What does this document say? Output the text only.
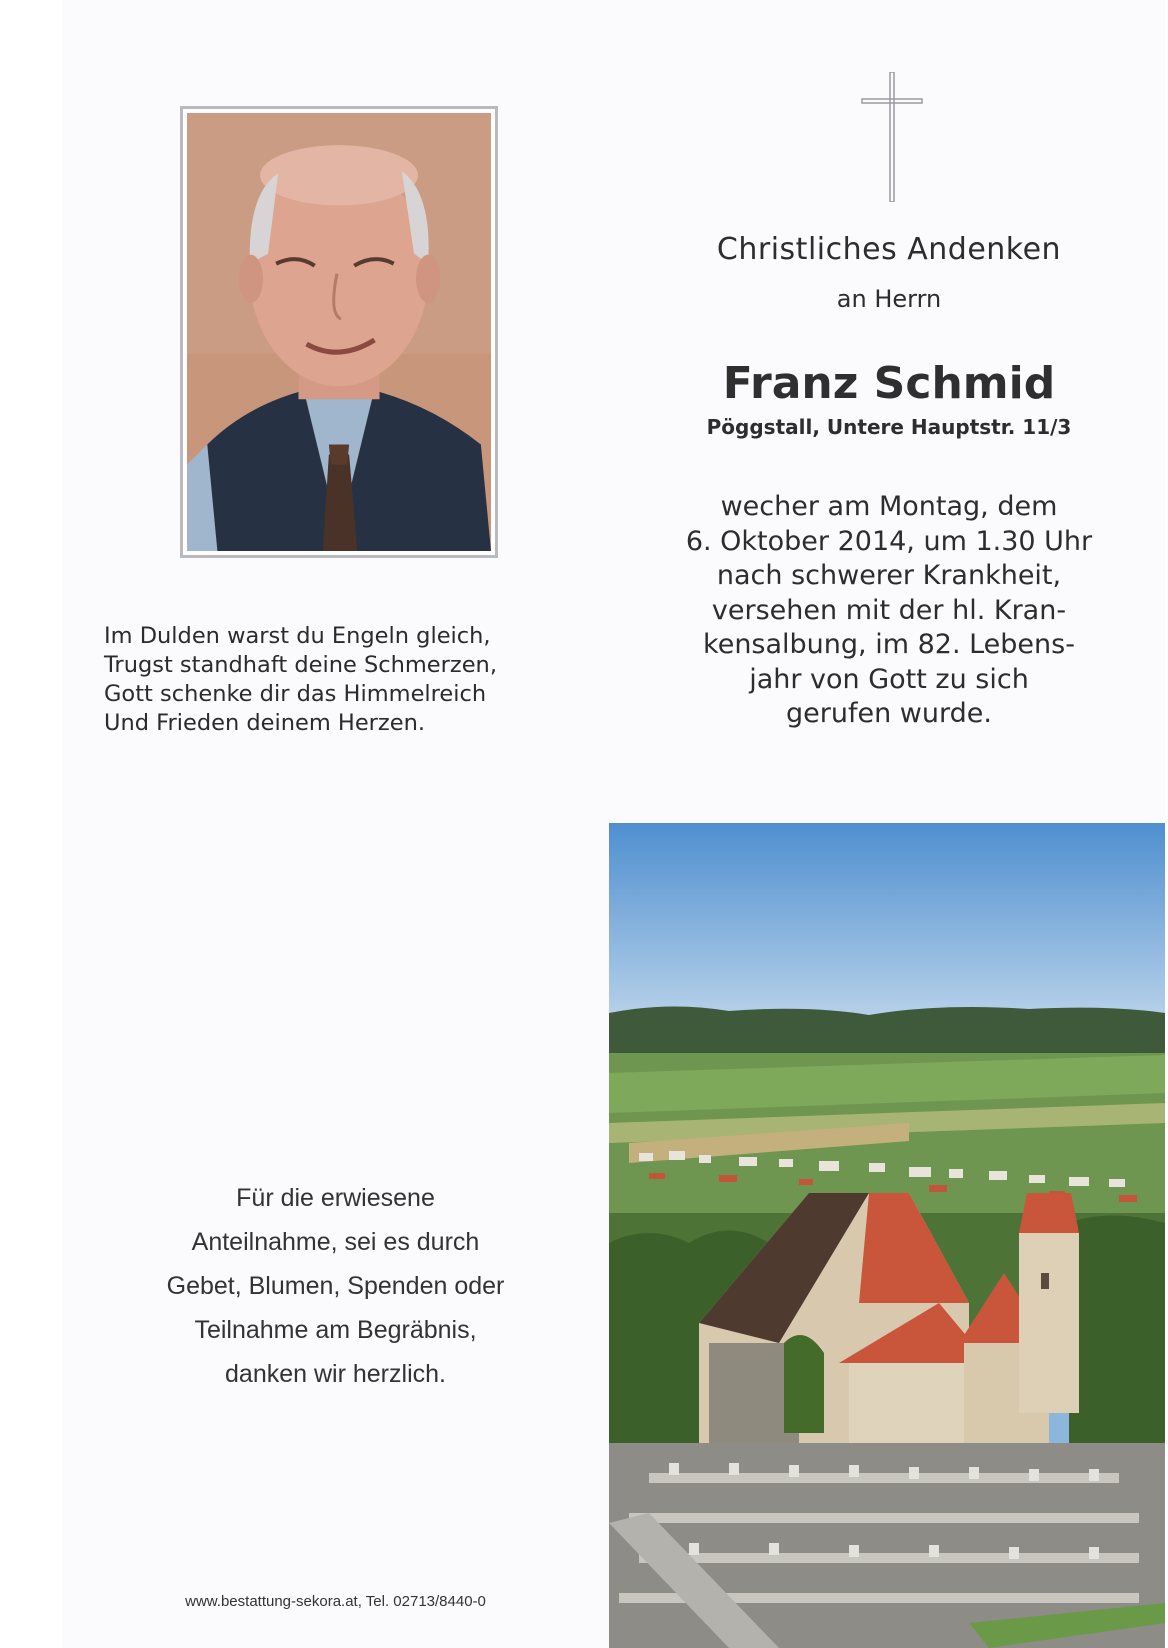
Im Dulden warst du Engeln gleich,
Trugst standhaft deine Schmerzen,
Gott schenke dir das Himmelreich
Und Frieden deinem Herzen.
Christliches Andenken
an Herrn
Franz Schmid
Pöggstall, Untere Hauptstr. 11/3
wecher am Montag, dem
6. Oktober 2014, um 1.30 Uhr
nach schwerer Krankheit,
versehen mit der hl. Kran-
kensalbung, im 82. Lebens-
jahr von Gott zu sich
gerufen wurde.
Für die erwiesene
Anteilnahme, sei es durch
Gebet, Blumen, Spenden oder
Teilnahme am Begräbnis,
danken wir herzlich.
www.bestattung-sekora.at, Tel. 02713/8440-0
